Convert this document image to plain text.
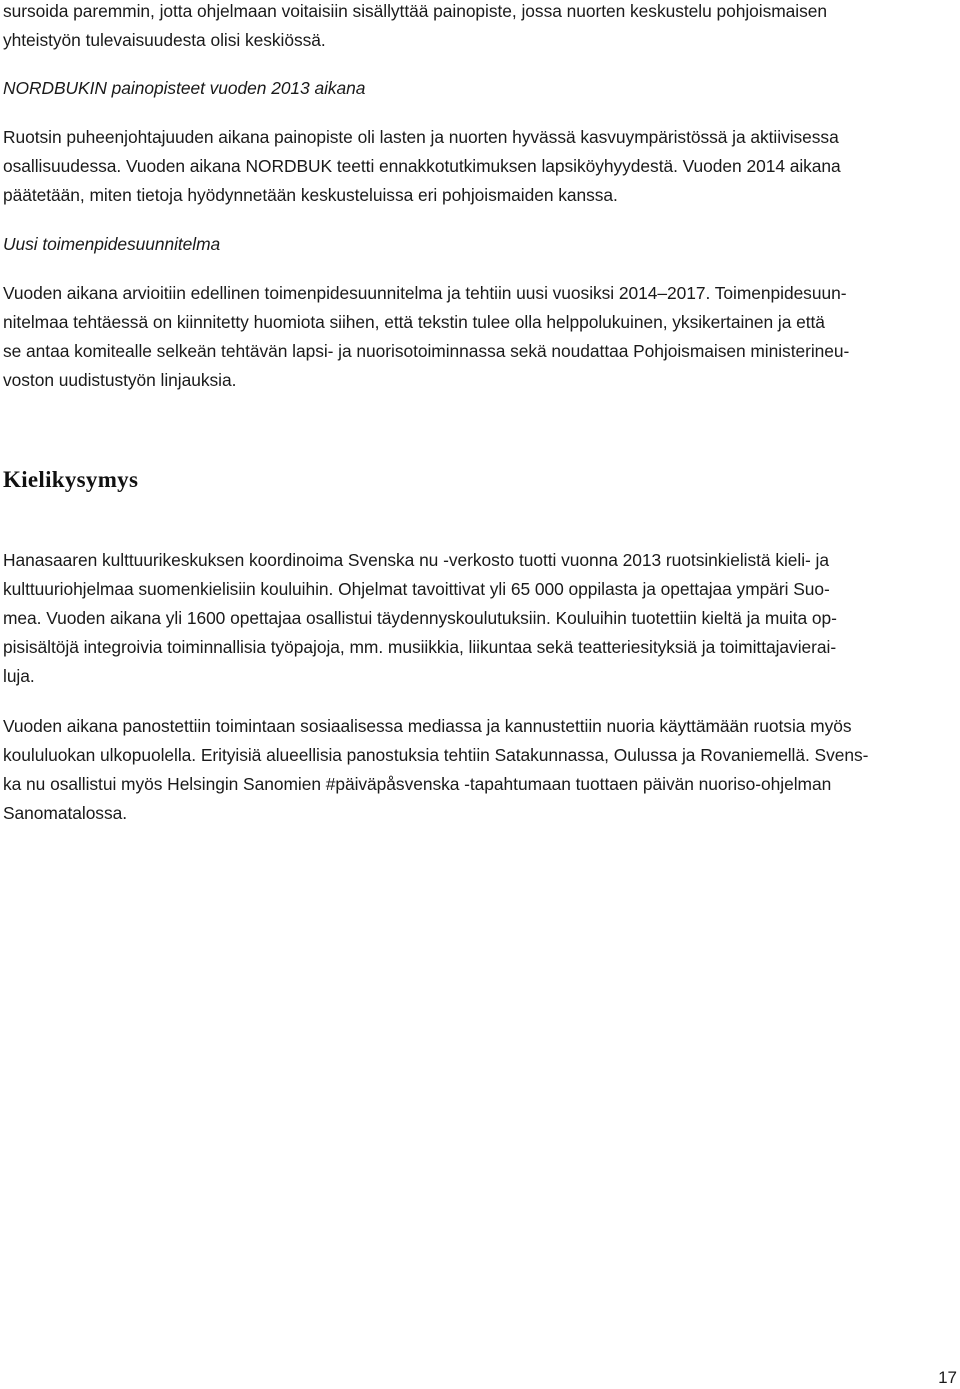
sursoida paremmin, jotta ohjelmaan voitaisiin sisällyttää painopiste, jossa nuorten keskustelu pohjoismaisen
yhteistyön tulevaisuudesta olisi keskiössä.
NORDBUKIN painopisteet vuoden 2013 aikana
Ruotsin puheenjohtajuuden aikana painopiste oli lasten ja nuorten hyvässä kasvuympäristössä ja aktiivisessa
osallisuudessa. Vuoden aikana NORDBUK teetti ennakkotutkimuksen lapsiköyhyydestä. Vuoden 2014 aikana
päätetään, miten tietoja hyödynnetään keskusteluissa eri pohjoismaiden kanssa.
Uusi toimenpidesuunnitelma
Vuoden aikana arvioitiin edellinen toimenpidesuunnitelma ja tehtiin uusi vuosiksi 2014–2017. Toimenpidesuun-
nitelmaa tehtäessä on kiinnitetty huomiota siihen, että tekstin tulee olla helppolukuinen, yksikertainen ja että
se antaa komitealle selkeän tehtävän lapsi- ja nuorisotoiminnassa sekä noudattaa Pohjoismaisen ministerineu-
voston uudistustyön linjauksia.
Kielikysymys
Hanasaaren kulttuurikeskuksen koordinoima Svenska nu -verkosto tuotti vuonna 2013 ruotsinkielistä kieli- ja
kulttuuriohjelmaa suomenkielisiin kouluihin. Ohjelmat tavoittivat yli 65 000 oppilasta ja opettajaa ympäri Suo-
mea. Vuoden aikana yli 1600 opettajaa osallistui täydennyskoulutuksiin. Kouluihin tuotettiin kieltä ja muita op-
pisisältöjä integroivia toiminnallisia työpajoja, mm. musiikkia, liikuntaa sekä teatteriesityksiä ja toimittajavierai-
luja.
Vuoden aikana panostettiin toimintaan sosiaalisessa mediassa ja kannustettiin nuoria käyttämään ruotsia myös
koululuokan ulkopuolella. Erityisiä alueellisia panostuksia tehtiin Satakunnassa, Oulussa ja Rovaniemellä. Svens-
ka nu osallistui myös Helsingin Sanomien #päiväpåsvenska -tapahtumaan tuottaen päivän nuoriso-ohjelman
Sanomatalossa.
17
